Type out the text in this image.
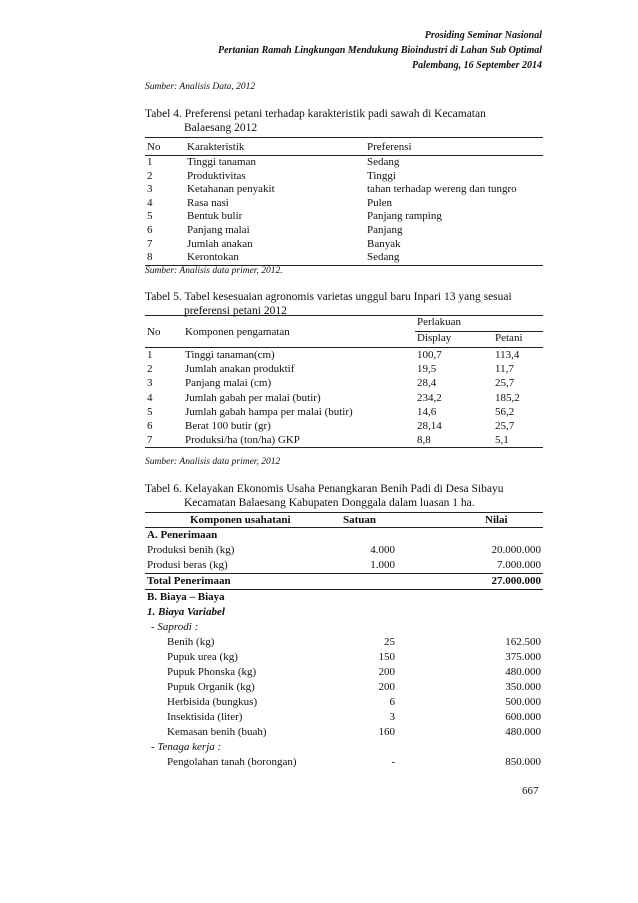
Prosiding Seminar Nasional
Pertanian Ramah Lingkungan Mendukung Bioindustri di Lahan Sub Optimal
Palembang, 16 September 2014
Sumber: Analisis Data, 2012
Tabel 4. Preferensi petani terhadap karakteristik padi sawah di Kecamatan
Balaesang 2012
No	Karakteristik	Preferensi
1	Tinggi tanaman	Sedang
2	Produktivitas	Tinggi
3	Ketahanan penyakit	tahan terhadap wereng dan tungro
4	Rasa nasi	Pulen
5	Bentuk bulir	Panjang ramping
6	Panjang malai	Panjang
7	Jumlah anakan	Banyak
8	Kerontokan	Sedang
Sumber: Analisis data primer, 2012.
Tabel 5. Tabel kesesuaian agronomis varietas unggul baru Inpari 13 yang sesuai
preferensi petani 2012
No	Komponen pengamatan	Perlakuan	
		Display	Petani
1	Tinggi tanaman(cm)	100,7	113,4
2	Jumlah anakan produktif	19,5	11,7
3	Panjang malai (cm)	28,4	25,7
4	Jumlah gabah per malai (butir)	234,2	185,2
5	Jumlah gabah hampa per malai (butir)	14,6	56,2
6	Berat 100 butir (gr)	28,14	25,7
7	Produksi/ha (ton/ha) GKP	8,8	5,1
Sumber: Analisis data primer, 2012
Tabel 6. Kelayakan Ekonomis Usaha Penangkaran Benih Padi di Desa Sibayu
Kecamatan Balaesang Kabupaten Donggala dalam luasan 1 ha.
Komponen usahatani	Satuan	Nilai
A. Penerimaan		
Produksi benih (kg)	4.000	20.000.000
Produsi beras (kg)	1.000	7.000.000
Total Penerimaan		27.000.000
B. Biaya – Biaya		
1. Biaya Variabel		
- Saprodi :		
Benih (kg)	25	162.500
Pupuk urea (kg)	150	375.000
Pupuk Phonska (kg)	200	480.000
Pupuk Organik (kg)	200	350.000
Herbisida (bungkus)	6	500.000
Insektisida (liter)	3	600.000
Kemasan benih (buah)	160	480.000
- Tenaga kerja :		
Pengolahan tanah (borongan)	-	850.000
667
